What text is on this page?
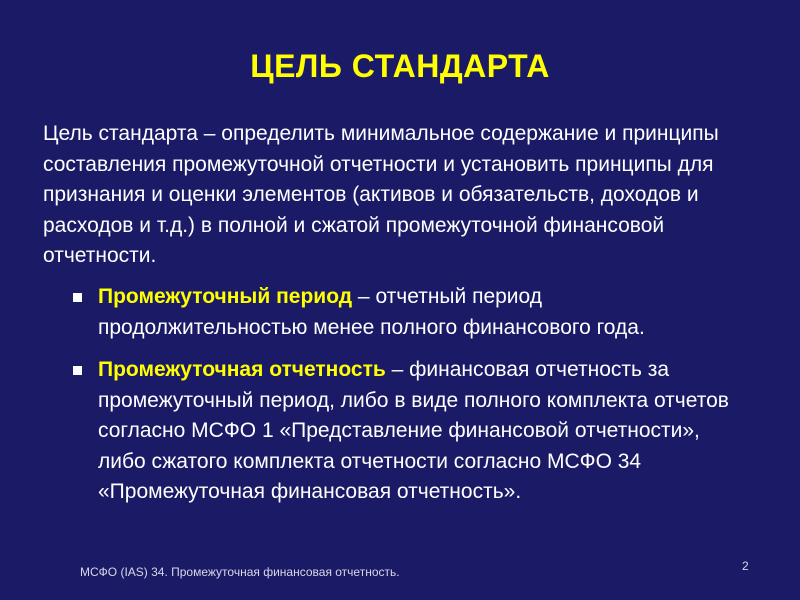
ЦЕЛЬ СТАНДАРТА

Цель стандарта – определить минимальное содержание и принципы составления промежуточной отчетности и установить принципы для признания и оценки элементов (активов и обязательств, доходов и расходов и т.д.) в полной и сжатой промежуточной финансовой отчетности.

Промежуточный период – отчетный период продолжительностью менее полного финансового года.
Промежуточная отчетность – финансовая отчетность за промежуточный период, либо в виде полного комплекта отчетов согласно МСФО 1 «Представление финансовой отчетности», либо сжатого комплекта отчетности согласно МСФО 34 «Промежуточная финансовая отчетность».
МСФО (IAS) 34. Промежуточная финансовая отчетность.	2
